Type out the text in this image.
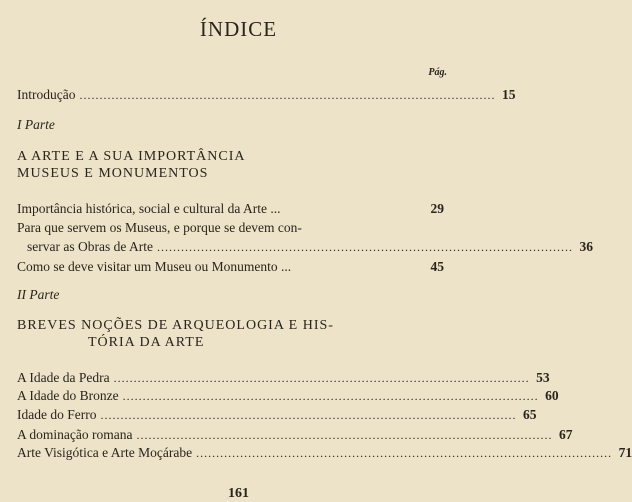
ÍNDICE
Pág.
Introdução ........................................................................................................ 15
I Parte
A ARTE E A SUA IMPORTÂNCIA
MUSEUS E MONUMENTOS
Importância histórica, social e cultural da Arte ...	29
Para que servem os Museus, e porque se devem con-
servar as Obras de Arte ........................................................................................................ 36
Como se deve visitar um Museu ou Monumento ...	45
II Parte
BREVES NOÇÕES DE ARQUEOLOGIA E HIS-
TÓRIA DA ARTE
A Idade da Pedra ........................................................................................................ 53
A Idade do Bronze ........................................................................................................ 60
Idade do Ferro ........................................................................................................ 65
A dominação romana ........................................................................................................ 67
Arte Visigótica e Arte Moçárabe ........................................................................................................ 71
161
